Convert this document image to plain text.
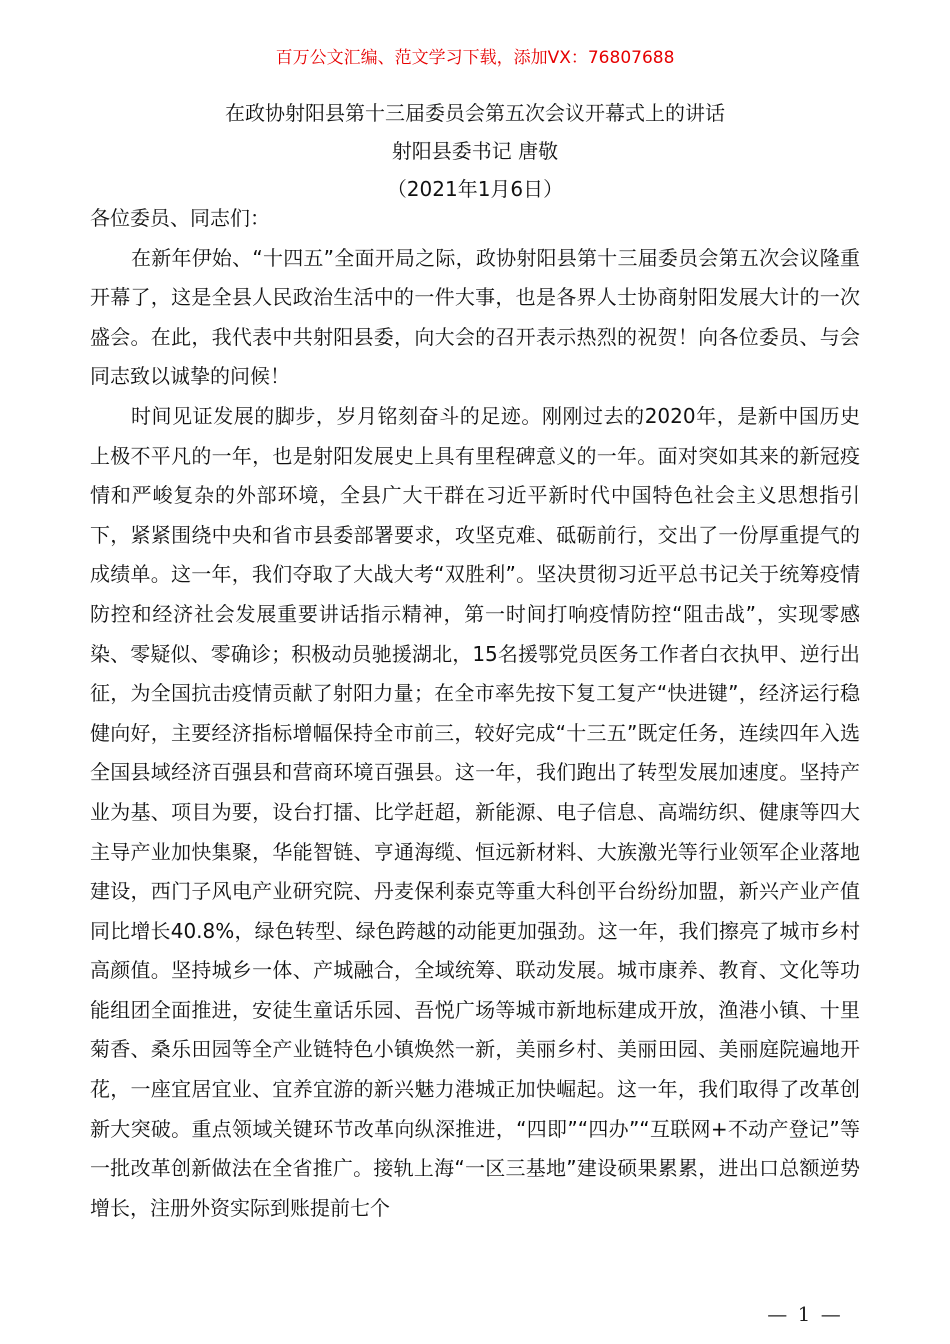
百万公文汇编、范文学习下载，添加VX：76807688
在政协射阳县第十三届委员会第五次会议开幕式上的讲话
射阳县委书记 唐敬
（2021年1月6日）

各位委员、同志们：

在新年伊始、“十四五”全面开局之际，政协射阳县第十三届委员会第五次会议隆重开幕了，这是全县人民政治生活中的一件大事，也是各界人士协商射阳发展大计的一次盛会。在此，我代表中共射阳县委，向大会的召开表示热烈的祝贺！向各位委员、与会同志致以诚挚的问候！

时间见证发展的脚步，岁月铭刻奋斗的足迹。刚刚过去的2020年，是新中国历史上极不平凡的一年，也是射阳发展史上具有里程碑意义的一年。面对突如其来的新冠疫情和严峻复杂的外部环境，全县广大干群在习近平新时代中国特色社会主义思想指引下，紧紧围绕中央和省市县委部署要求，攻坚克难、砥砺前行，交出了一份厚重提气的成绩单。这一年，我们夺取了大战大考“双胜利”。坚决贯彻习近平总书记关于统筹疫情防控和经济社会发展重要讲话指示精神，第一时间打响疫情防控“阻击战”，实现零感染、零疑似、零确诊；积极动员驰援湖北，15名援鄂党员医务工作者白衣执甲、逆行出征，为全国抗击疫情贡献了射阳力量；在全市率先按下复工复产“快进键”，经济运行稳健向好，主要经济指标增幅保持全市前三，较好完成“十三五”既定任务，连续四年入选全国县域经济百强县和营商环境百强县。这一年，我们跑出了转型发展加速度。坚持产业为基、项目为要，设台打擂、比学赶超，新能源、电子信息、高端纺织、健康等四大主导产业加快集聚，华能智链、亨通海缆、恒远新材料、大族激光等行业领军企业落地建设，西门子风电产业研究院、丹麦保利泰克等重大科创平台纷纷加盟，新兴产业产值同比增长40.8%，绿色转型、绿色跨越的动能更加强劲。这一年，我们擦亮了城市乡村高颜值。坚持城乡一体、产城融合，全域统筹、联动发展。城市康养、教育、文化等功能组团全面推进，安徒生童话乐园、吾悦广场等城市新地标建成开放，渔港小镇、十里菊香、桑乐田园等全产业链特色小镇焕然一新，美丽乡村、美丽田园、美丽庭院遍地开花，一座宜居宜业、宜养宜游的新兴魅力港城正加快崛起。这一年，我们取得了改革创新大突破。重点领域关键环节改革向纵深推进，“四即”“四办”“互联网+不动产登记”等一批改革创新做法在全省推广。接轨上海“一区三基地”建设硕果累累，进出口总额逆势增长，注册外资实际到账提前七个

— 1 —
